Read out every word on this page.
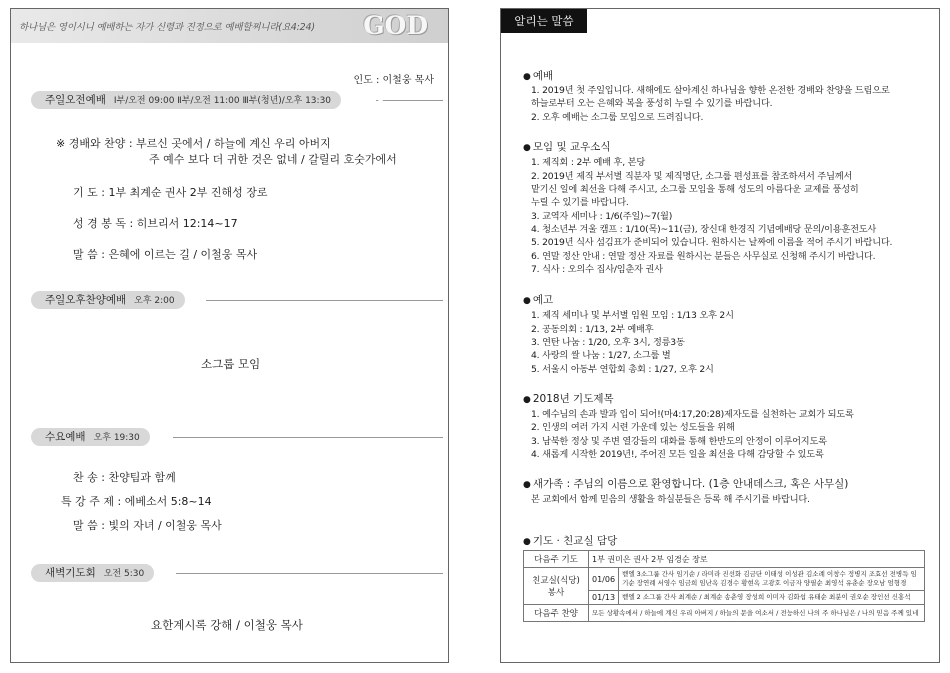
하나님은 영이시니 예배하는 자가 신령과 진정으로 예배할찌니라(요4:24) GOD
인도 : 이철웅 목사
주일오전예배 Ⅰ부/오전 09:00 Ⅱ부/오전 11:00 Ⅲ부(청년)/오후 13:30
※ 경배와 찬양 : 부르신 곳에서 / 하늘에 계신 우리 아버지
주 예수 보다 더 귀한 것은 없네 / 갈릴리 호숫가에서
기 도 : 1부 최계순 권사 2부 진해성 장로
성 경 봉 독 : 히브리서 12:14~17
말 씀 : 은혜에 이르는 길 / 이철웅 목사
주일오후찬양예배 오후 2:00
소그룹 모임
수요예배 오후 19:30
찬 송 : 찬양팀과 함께
특 강 주 제 : 에베소서 5:8~14
말 씀 : 빛의 자녀 / 이철웅 목사
새벽기도회 오전 5:30
요한계시록 강해 / 이철웅 목사
알리는 말씀
● 예배
1. 2019년 첫 주일입니다. 새해에도 살아계신 하나님을 향한 온전한 경배와 찬양을 드림으로
하늘로부터 오는 은혜와 복을 풍성히 누릴 수 있기를 바랍니다.
2. 오후 예배는 소그룹 모임으로 드려집니다.
● 모임 및 교우소식
1. 제직회 : 2부 예배 후, 본당
2. 2019년 제직 부서별 직분자 및 제직명단, 소그룹 편성표를 참조하셔서 주님께서
맡기신 일에 최선을 다해 주시고, 소그룹 모임을 통해 성도의 아름다운 교제를 풍성히
누릴 수 있기를 바랍니다.
3. 교역자 세미나 : 1/6(주일)~7(월)
4. 청소년부 겨울 캠프 : 1/10(목)~11(금), 장신대 한경직 기념예배당 문의/이용훈전도사
5. 2019년 식사 섬김표가 준비되어 있습니다. 원하시는 날짜에 이름을 적어 주시기 바랍니다.
6. 연말 정산 안내 : 연말 정산 자료를 원하시는 분들은 사무실로 신청해 주시기 바랍니다.
7. 식사 : 오의수 집사/임춘자 권사
● 예고
1. 제직 세미나 및 부서별 임원 모임 : 1/13 오후 2시
2. 공동의회 : 1/13, 2부 예배후
3. 연탄 나눔 : 1/20, 오후 3시, 정릉3동
4. 사랑의 쌀 나눔 : 1/27, 소그룹 별
5. 서울시 아동부 연합회 총회 : 1/27, 오후 2시
● 2018년 기도제목
1. 예수님의 손과 발과 입이 되어!(마4:17,20:28)제자도를 실천하는 교회가 되도록
2. 인생의 여러 가지 시련 가운데 있는 성도들을 위해
3. 남북한 정상 및 주변 열강들의 대화를 통해 한반도의 안정이 이루어지도록
4. 새롭게 시작한 2019년!, 주어진 모든 일을 최선을 다해 감당할 수 있도록
● 새가족 : 주님의 이름으로 환영합니다. (1층 안내데스크, 혹은 사무실)
본 교회에서 함께 믿음의 생활을 하실분들은 등록 해 주시기를 바랍니다.
● 기도 · 친교실 담당
다음주 기도	1부 권미은 권사 2부 임경순 장로	
친교실(식당) 봉사	01/06	벧엘 3소그룹 간사 임기순 / 라미라 진선화 김금단 이태성 이성관 김소례 이창수 정병지 조효선 전병득 임기순 장연례 서영수 임금희 임난옥 김경수 황현옥 고광호 이금자 양필순 최영석 유춘순 장오남 엄형경
	01/13	벧엘 2 소그룹 간사 최계순 / 최계순 송춘영 장성희 이미자 김화섭 유태순 최분이 권오순 장인선 신홍석
다음주 찬양	모든 상황속에서 / 하늘에 계신 우리 아버지 / 하늘의 문을 여소서 / 전능하신 나의 주 하나님은 / 나의 믿음 주께 있네	
